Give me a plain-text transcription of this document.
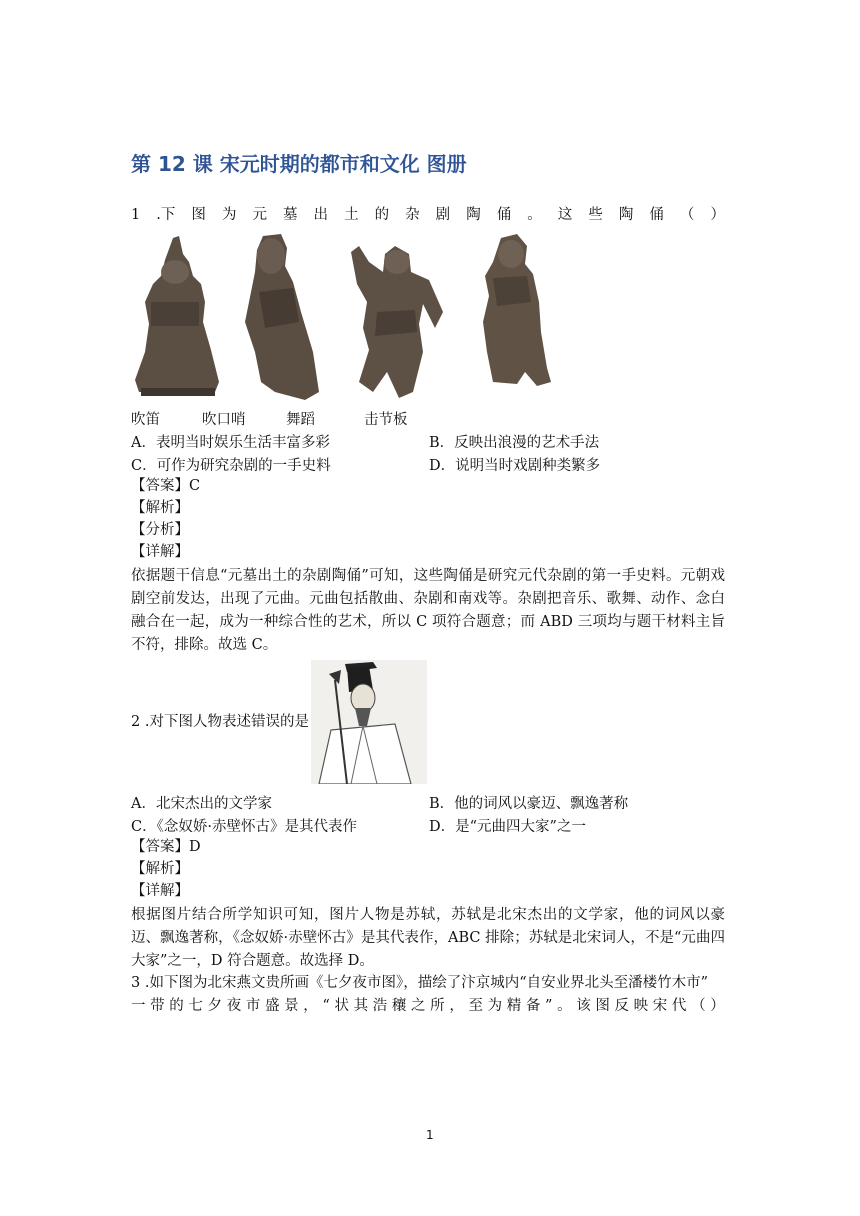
第 12 课 宋元时期的都市和文化 图册
1 .下 图 为 元 墓 出 土 的 杂 剧 陶 俑 。 这 些 陶 俑 （ ）
吹笛	吹口哨	舞蹈	击节板
A．表明当时娱乐生活丰富多彩	B．反映出浪漫的艺术手法
C．可作为研究杂剧的一手史料	D．说明当时戏剧种类繁多
【答案】C
【解析】
【分析】
【详解】
依据题干信息“元墓出土的杂剧陶俑”可知，这些陶俑是研究元代杂剧的第一手史料。元朝戏剧空前发达，出现了元曲。元曲包括散曲、杂剧和南戏等。杂剧把音乐、歌舞、动作、念白融合在一起，成为一种综合性的艺术，所以 C 项符合题意；而 ABD 三项均与题干材料主旨不符，排除。故选 C。
2 .对下图人物表述错误的是
A．北宋杰出的文学家	B．他的词风以豪迈、飘逸著称
C．《念奴娇·赤壁怀古》是其代表作	D．是“元曲四大家”之一
【答案】D
【解析】
【详解】
根据图片结合所学知识可知，图片人物是苏轼，苏轼是北宋杰出的文学家，他的词风以豪迈、飘逸著称，《念奴娇·赤壁怀古》是其代表作，ABC 排除；苏轼是北宋词人，不是“元曲四大家”之一，D 符合题意。故选择 D。
3 .如下图为北宋燕文贵所画《七夕夜市图》，描绘了汴京城内“自安业界北头至潘楼竹木市”
一 带 的 七 夕 夜 市 盛 景 ， “ 状 其 浩 穰 之 所 ， 至 为 精 备 ” 。 该 图 反 映 宋 代 （ ）
1
